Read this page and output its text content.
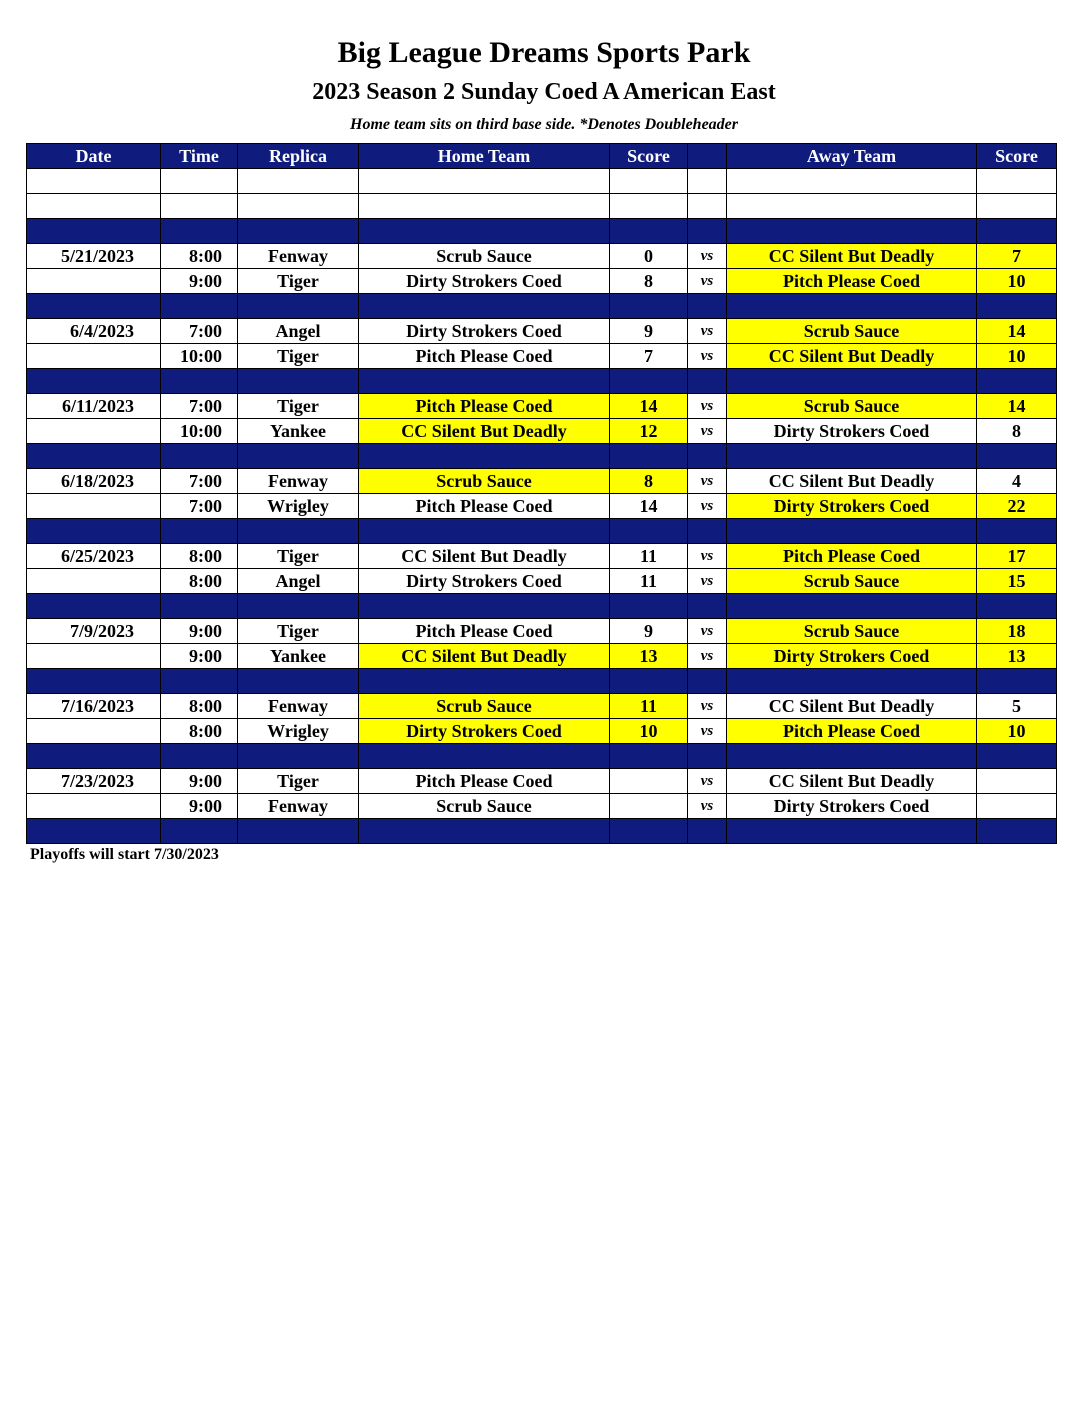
Big League Dreams Sports Park
2023 Season 2 Sunday Coed A American East
Home team sits on third base side. *Denotes Doubleheader
Date	Time	Replica	Home Team	Score		Away Team	Score

5/21/2023	8:00	Fenway	Scrub Sauce	0	vs	CC Silent But Deadly	7
	9:00	Tiger	Dirty Strokers Coed	8	vs	Pitch Please Coed	10

6/4/2023	7:00	Angel	Dirty Strokers Coed	9	vs	Scrub Sauce	14
	10:00	Tiger	Pitch Please Coed	7	vs	CC Silent But Deadly	10

6/11/2023	7:00	Tiger	Pitch Please Coed	14	vs	Scrub Sauce	14
	10:00	Yankee	CC Silent But Deadly	12	vs	Dirty Strokers Coed	8

6/18/2023	7:00	Fenway	Scrub Sauce	8	vs	CC Silent But Deadly	4
	7:00	Wrigley	Pitch Please Coed	14	vs	Dirty Strokers Coed	22

6/25/2023	8:00	Tiger	CC Silent But Deadly	11	vs	Pitch Please Coed	17
	8:00	Angel	Dirty Strokers Coed	11	vs	Scrub Sauce	15

7/9/2023	9:00	Tiger	Pitch Please Coed	9	vs	Scrub Sauce	18
	9:00	Yankee	CC Silent But Deadly	13	vs	Dirty Strokers Coed	13

7/16/2023	8:00	Fenway	Scrub Sauce	11	vs	CC Silent But Deadly	5
	8:00	Wrigley	Dirty Strokers Coed	10	vs	Pitch Please Coed	10

7/23/2023	9:00	Tiger	Pitch Please Coed		vs	CC Silent But Deadly	
	9:00	Fenway	Scrub Sauce		vs	Dirty Strokers Coed	

Playoffs will start 7/30/2023
